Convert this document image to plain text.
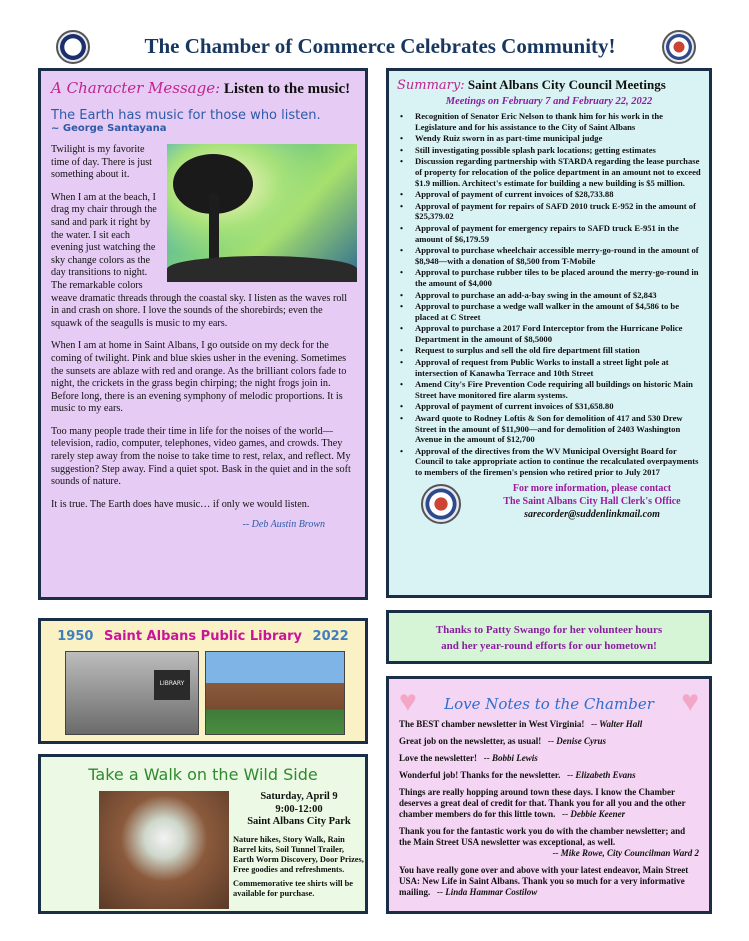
The Chamber of Commerce Celebrates Community!
A Character Message: Listen to the music!
The Earth has music for those who listen.
~ George Santayana

Twilight is my favorite time of day. There is just something about it.

When I am at the beach, I drag my chair through the sand and park it right by the water. I sit each evening just watching the sky change colors as the day transitions to night. The remarkable colors weave dramatic threads through the coastal sky. I listen as the waves roll in and crash on shore. I love the sounds of the shorebirds; even the squawk of the seagulls is music to my ears.

When I am at home in Saint Albans, I go outside on my deck for the coming of twilight. Pink and blue skies usher in the evening. Sometimes the sunsets are ablaze with red and orange. As the brilliant colors fade to night, the crickets in the grass begin chirping; the night frogs join in. Before long, there is an evening symphony of melodic proportions. It is music to my ears.

Too many people trade their time in life for the noises of the world—television, radio, computer, telephones, video games, and crowds. They rarely step away from the noise to take time to rest, relax, and reflect. My suggestion? Step away. Find a quiet spot. Bask in the quiet and in the soft sounds of nature.

It is true. The Earth does have music… if only we would listen.

-- Deb Austin Brown
Summary: Saint Albans City Council Meetings
Meetings on February 7 and February 22, 2022
• Recognition of Senator Eric Nelson to thank him for his work in the Legislature and for his assistance to the City of Saint Albans
• Wendy Ruiz sworn in as part-time municipal judge
• Still investigating possible splash park locations; getting estimates
• Discussion regarding partnership with STARDA regarding the lease purchase of property for relocation of the police department in an amount not to exceed $1.9 million. Architect's estimate for building a new building is $5 million.
• Approval of payment of current invoices of $28,733.88
• Approval of payment for repairs of SAFD 2010 truck E-952 in the amount of $25,379.02
• Approval of payment for emergency repairs to SAFD truck E-951 in the amount of $6,179.59
• Approval to purchase wheelchair accessible merry-go-round in the amount of $8,948—with a donation of $8,500 from T-Mobile
• Approval to purchase rubber tiles to be placed around the merry-go-round in the amount of $4,000
• Approval to purchase an add-a-bay swing in the amount of $2,843
• Approval to purchase a wedge wall walker in the amount of $4,586 to be placed at C Street
• Approval to purchase a 2017 Ford Interceptor from the Hurricane Police Department in the amount of $8,5000
• Request to surplus and sell the old fire department fill station
• Approval of request from Public Works to install a street light pole at intersection of Kanawha Terrace and 10th Street
• Amend City's Fire Prevention Code requiring all buildings on historic Main Street have monitored fire alarm systems.
• Approval of payment of current invoices of $31,658.80
• Award quote to Rodney Loftis & Son for demolition of 417 and 530 Drew Street in the amount of $11,900—and for demolition of 2403 Washington Avenue in the amount of $12,700
• Approval of the directives from the WV Municipal Oversight Board for Council to take appropriate action to continue the recalculated overpayments to members of the firemen's pension who retired prior to July 2017
For more information, please contact
The Saint Albans City Hall Clerk's Office
sarecorder@suddenlinkmail.com
1950 Saint Albans Public Library 2022
LIBRARY
Take a Walk on the Wild Side
Saturday, April 9
9:00-12:00
Saint Albans City Park
Nature hikes, Story Walk, Rain Barrel kits, Soil Tunnel Trailer, Earth Worm Discovery, Door Prizes, Free goodies and refreshments.
Commemorative tee shirts will be available for purchase.
Thanks to Patty Swango for her volunteer hours
and her year-round efforts for our hometown!
♥	Love Notes to the Chamber ♥
The BEST chamber newsletter in West Virginia! -- Walter Hall
Great job on the newsletter, as usual! -- Denise Cyrus
Love the newsletter! -- Bobbi Lewis
Wonderful job! Thanks for the newsletter. -- Elizabeth Evans
Things are really hopping around town these days. I know the Chamber deserves a great deal of credit for that. Thank you for all you and the other chamber members do for this little town. -- Debbie Keener
Thank you for the fantastic work you do with the chamber newsletter; and the Main Street USA newsletter was exceptional, as well.
-- Mike Rowe, City Councilman Ward 2
You have really gone over and above with your latest endeavor, Main Street USA: New Life in Saint Albans. Thank you so much for a very informative mailing. -- Linda Hammar Costilow
